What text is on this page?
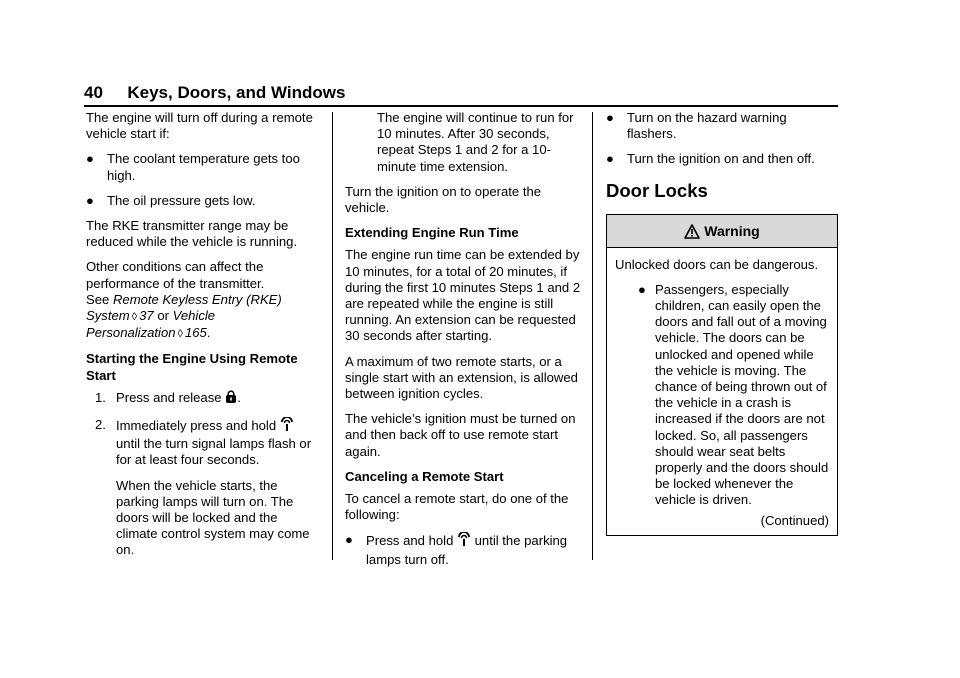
40 Keys, Doors, and Windows

The engine will turn off during a remote vehicle start if:

● The coolant temperature gets too high.
● The oil pressure gets low.

The RKE transmitter range may be reduced while the vehicle is running.

Other conditions can affect the performance of the transmitter.
See Remote Keyless Entry (RKE) System ◊ 37 or Vehicle Personalization ◊ 165.

Starting the Engine Using Remote Start

1. Press and release .
2. Immediately press and hold  until the turn signal lamps flash or for at least four seconds.

When the vehicle starts, the parking lamps will turn on. The doors will be locked and the climate control system may come on.

The engine will continue to run for 10 minutes. After 30 seconds, repeat Steps 1 and 2 for a 10-minute time extension.

Turn the ignition on to operate the vehicle.

Extending Engine Run Time

The engine run time can be extended by 10 minutes, for a total of 20 minutes, if during the first 10 minutes Steps 1 and 2 are repeated while the engine is still running. An extension can be requested 30 seconds after starting.

A maximum of two remote starts, or a single start with an extension, is allowed between ignition cycles.

The vehicle’s ignition must be turned on and then back off to use remote start again.

Canceling a Remote Start

To cancel a remote start, do one of the following:

● Press and hold until the parking lamps turn off.
● Turn on the hazard warning flashers.
● Turn the ignition on and then off.
Door Locks
Warning

Unlocked doors can be dangerous.

● Passengers, especially children, can easily open the doors and fall out of a moving vehicle. The doors can be unlocked and opened while the vehicle is moving. The chance of being thrown out of the vehicle in a crash is increased if the doors are not locked. So, all passengers should wear seat belts properly and the doors should be locked whenever the vehicle is driven.
(Continued)
